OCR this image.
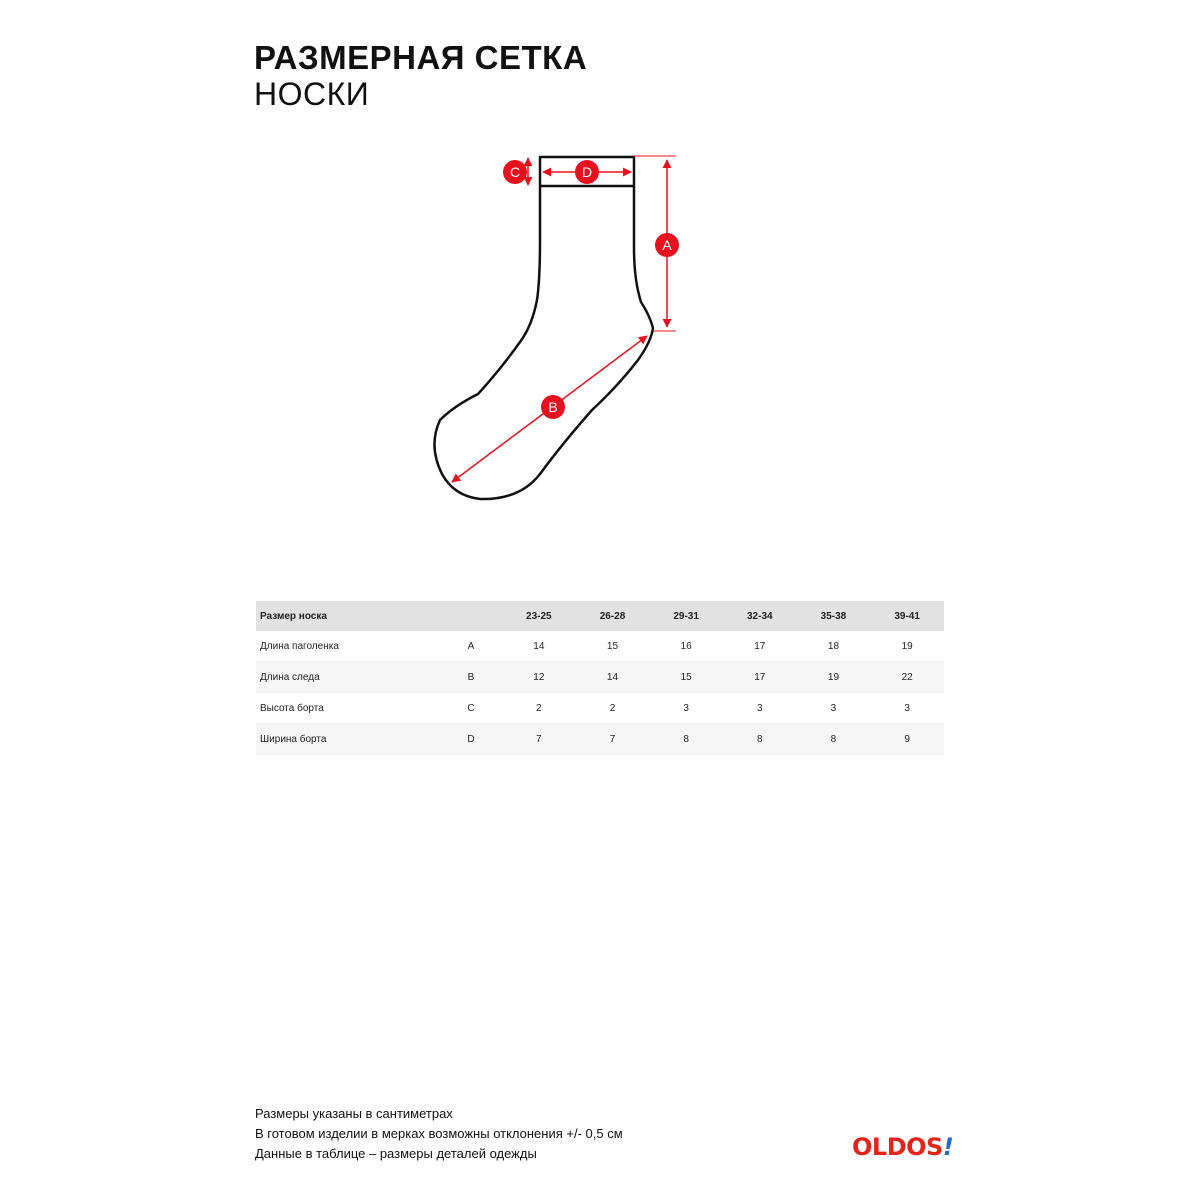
РАЗМЕРНАЯ СЕТКА
НОСКИ
A
C	D
B
Размер носка		23-25	26-28	29-31	32-34	35-38	39-41
Длина паголенка	A	14	15	16	17	18	19
Длина следа	B	12	14	15	17	19	22
Высота борта	C	2	2	3	3	3	3
Ширина борта	D	7	7	8	8	8	9
Размеры указаны в сантиметрах
В готовом изделии в мерках возможны отклонения +/- 0,5 см
Данные в таблице – размеры деталей одежды	OLDOS!
